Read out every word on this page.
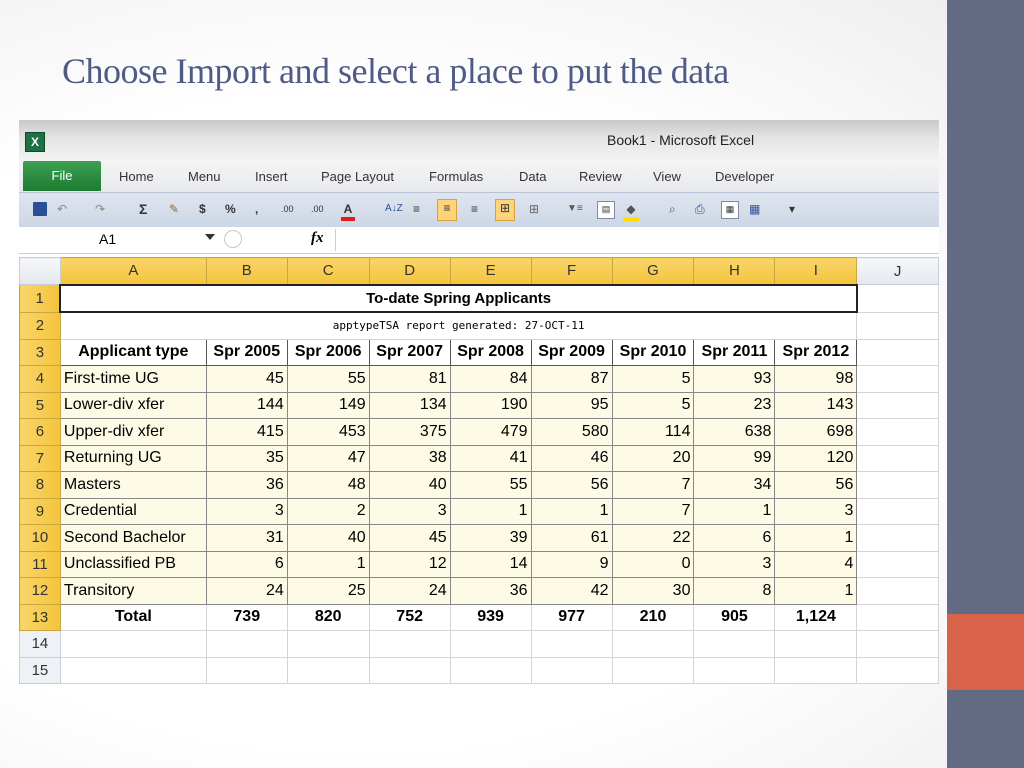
Choose Import and select a place to put the data
X	Book1 - Microsoft Excel
File	Home	Menu	Insert	Page Layout	Formulas	Data	Review View	Developer
↶ ↷ Σ ✎ $ % ,	.00 .00 A	A↓Z ≡	≡	≡	⊞	⊞	▼≡	▤	◆	⌕ ⎙	▦	▦ ▾
A1	fx
	A	B	C	D	E	F	G	H	I	J
1	To-date Spring Applicants									
2	apptypeTSA report generated: 27-OCT-11									
3	Applicant type	Spr 2005	Spr 2006	Spr 2007	Spr 2008	Spr 2009	Spr 2010	Spr 2011	Spr 2012	
4	First-time UG	45	55	81	84	87	5	93	98	
5	Lower-div xfer	144	149	134	190	95	5	23	143	
6	Upper-div xfer	415	453	375	479	580	114	638	698	
7	Returning UG	35	47	38	41	46	20	99	120	
8	Masters	36	48	40	55	56	7	34	56	
9	Credential	3	2	3	1	1	7	1	3	
10	Second Bachelor	31	40	45	39	61	22	6	1	
11	Unclassified PB	6	1	12	14	9	0	3	4	
12	Transitory	24	25	24	36	42	30	8	1	
13	Total	739	820	752	939	977	210	905	1,124	
14										
15										
